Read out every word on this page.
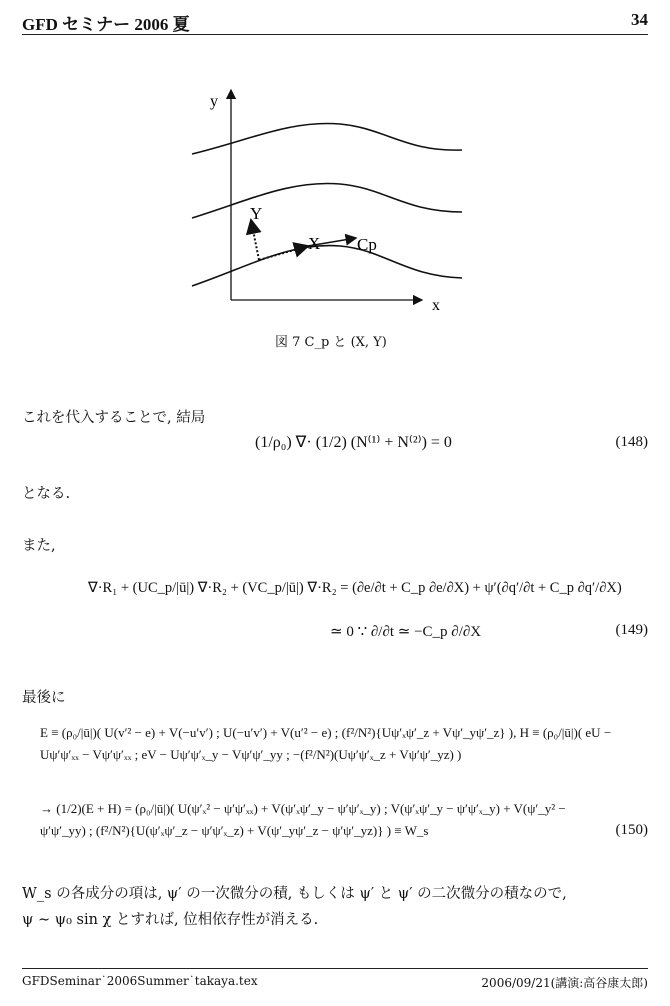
GFD セミナー 2006 夏	34
y
x
Y
X Cp
図 7 C_p と (X, Y)
これを代入することで, 結局
(1/ρ₀) ∇· (1/2) (N⁽¹⁾ + N⁽²⁾) = 0	(148)
となる.
また,
∇·R₁ + (UC_p/|ū|) ∇·R₂ + (VC_p/|ū|) ∇·R₂ = (∂e/∂t + C_p ∂e/∂X) + ψ′(∂q′/∂t + C_p ∂q′/∂X)
≃ 0 ∵ ∂/∂t ≃ −C_p ∂/∂X	(149)
最後に
E ≡ (ρ₀/|ū|)( U(v′² − e) + V(−u′v′) ; U(−u′v′) + V(u′² − e) ; (f²/N²){Uψ′ₓψ′_z + Vψ′_yψ′_z} ), H ≡ (ρ₀/|ū|)( eU − Uψ′ψ′ₓₓ − Vψ′ψ′ₓₓ ; eV − Uψ′ψ′ₓ_y − Vψ′ψ′_yy ; −(f²/N²)(Uψ′ψ′ₓ_z + Vψ′ψ′_yz) )
→ (1/2)(E + H) = (ρ₀/|ū|)( U(ψ′ₓ² − ψ′ψ′ₓₓ) + V(ψ′ₓψ′_y − ψ′ψ′ₓ_y) ; V(ψ′ₓψ′_y − ψ′ψ′ₓ_y) + V(ψ′_y² − ψ′ψ′_yy) ; (f²/N²){U(ψ′ₓψ′_z − ψ′ψ′ₓ_z) + V(ψ′_yψ′_z − ψ′ψ′_yz)} ) ≡ W_s	(150)
W_s の各成分の項は, ψ′ の一次微分の積, もしくは ψ′ と ψ′ の二次微分の積なので,
ψ ∼ ψ₀ sin χ とすれば, 位相依存性が消える.
GFDSeminar˙2006Summer˙takaya.tex	2006/09/21(講演:高谷康太郎)
